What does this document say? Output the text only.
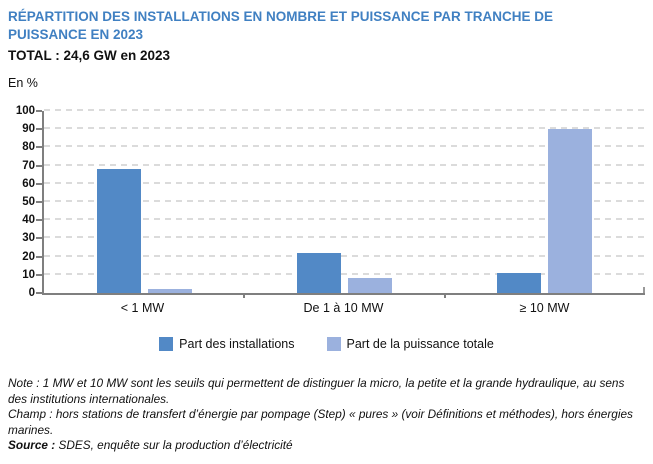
RÉPARTITION DES INSTALLATIONS EN NOMBRE ET PUISSANCE PAR TRANCHE DE PUISSANCE EN 2023
TOTAL : 24,6 GW en 2023
En %
0
10
20
30
40
50
60
70
80
90
100
< 1 MW	De 1 à 10 MW	≥ 10 MW
Part des installations	Part de la puissance totale

Note : 1 MW et 10 MW sont les seuils qui permettent de distinguer la micro, la petite et la grande hydraulique, au sens des institutions internationales.

Champ : hors stations de transfert d’énergie par pompage (Step) « pures » (voir Définitions et méthodes), hors énergies marines.

Source : SDES, enquête sur la production d’électricité
